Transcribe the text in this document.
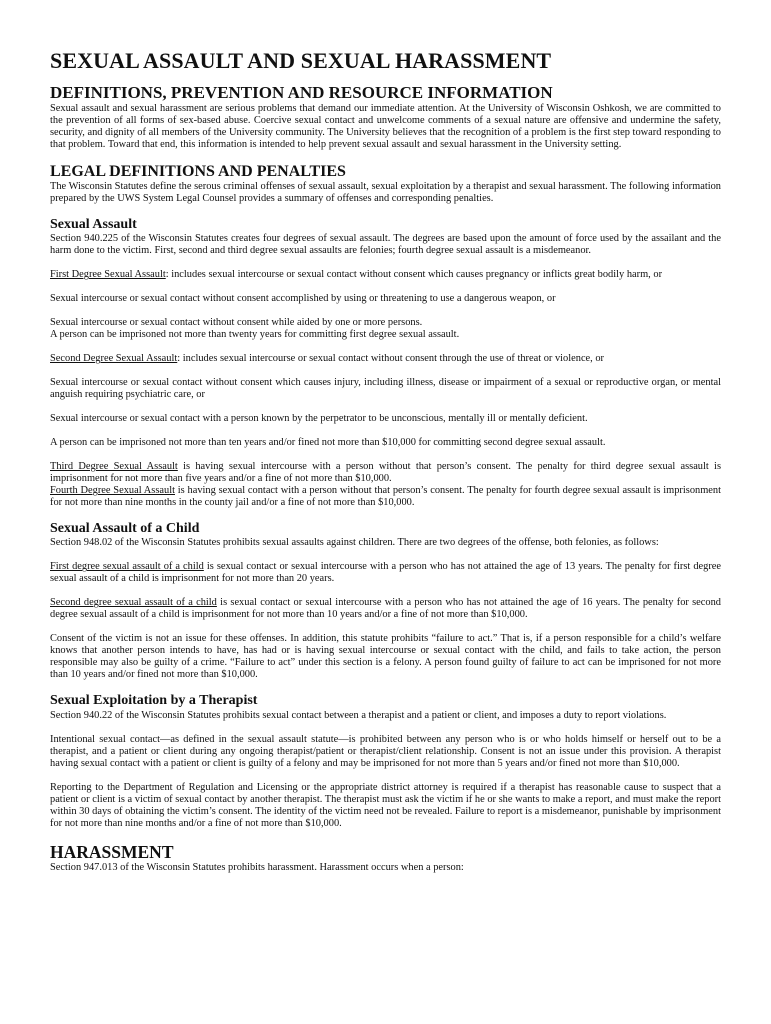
SEXUAL ASSAULT AND SEXUAL HARASSMENT
DEFINITIONS, PREVENTION AND RESOURCE INFORMATION

Sexual assault and sexual harassment are serious problems that demand our immediate attention. At the University of Wisconsin Oshkosh, we are committed to the prevention of all forms of sex-based abuse. Coercive sexual contact and unwelcome comments of a sexual nature are offensive and undermine the safety, security, and dignity of all members of the University community. The University believes that the recognition of a problem is the first step toward responding to that problem. Toward that end, this information is intended to help prevent sexual assault and sexual harassment in the University setting.

LEGAL DEFINITIONS AND PENALTIES

The Wisconsin Statutes define the serous criminal offenses of sexual assault, sexual exploitation by a therapist and sexual harassment. The following information prepared by the UWS System Legal Counsel provides a summary of offenses and corresponding penalties.

Sexual Assault

Section 940.225 of the Wisconsin Statutes creates four degrees of sexual assault. The degrees are based upon the amount of force used by the assailant and the harm done to the victim. First, second and third degree sexual assaults are felonies; fourth degree sexual assault is a misdemeanor.

First Degree Sexual Assault: includes sexual intercourse or sexual contact without consent which causes pregnancy or inflicts great bodily harm, or

Sexual intercourse or sexual contact without consent accomplished by using or threatening to use a dangerous weapon, or

Sexual intercourse or sexual contact without consent while aided by one or more persons.

A person can be imprisoned not more than twenty years for committing first degree sexual assault.

Second Degree Sexual Assault: includes sexual intercourse or sexual contact without consent through the use of threat or violence, or

Sexual intercourse or sexual contact without consent which causes injury, including illness, disease or impairment of a sexual or reproductive organ, or mental anguish requiring psychiatric care, or

Sexual intercourse or sexual contact with a person known by the perpetrator to be unconscious, mentally ill or mentally deficient.

A person can be imprisoned not more than ten years and/or fined not more than $10,000 for committing second degree sexual assault.

Third Degree Sexual Assault is having sexual intercourse with a person without that person’s consent. The penalty for third degree sexual assault is imprisonment for not more than five years and/or a fine of not more than $10,000.

Fourth Degree Sexual Assault is having sexual contact with a person without that person’s consent. The penalty for fourth degree sexual assault is imprisonment for not more than nine months in the county jail and/or a fine of not more than $10,000.

Sexual Assault of a Child

Section 948.02 of the Wisconsin Statutes prohibits sexual assaults against children. There are two degrees of the offense, both felonies, as follows:

First degree sexual assault of a child is sexual contact or sexual intercourse with a person who has not attained the age of 13 years. The penalty for first degree sexual assault of a child is imprisonment for not more than 20 years.

Second degree sexual assault of a child is sexual contact or sexual intercourse with a person who has not attained the age of 16 years. The penalty for second degree sexual assault of a child is imprisonment for not more than 10 years and/or a fine of not more than $10,000.

Consent of the victim is not an issue for these offenses. In addition, this statute prohibits “failure to act.” That is, if a person responsible for a child’s welfare knows that another person intends to have, has had or is having sexual intercourse or sexual contact with the child, and fails to take action, the person responsible may also be guilty of a crime. “Failure to act” under this section is a felony. A person found guilty of failure to act can be imprisoned for not more than 10 years and/or fined not more than $10,000.

Sexual Exploitation by a Therapist

Section 940.22 of the Wisconsin Statutes prohibits sexual contact between a therapist and a patient or client, and imposes a duty to report violations.

Intentional sexual contact—as defined in the sexual assault statute—is prohibited between any person who is or who holds himself or herself out to be a therapist, and a patient or client during any ongoing therapist/patient or therapist/client relationship. Consent is not an issue under this provision. A therapist having sexual contact with a patient or client is guilty of a felony and may be imprisoned for not more than 5 years and/or fined not more than $10,000.

Reporting to the Department of Regulation and Licensing or the appropriate district attorney is required if a therapist has reasonable cause to suspect that a patient or client is a victim of sexual contact by another therapist. The therapist must ask the victim if he or she wants to make a report, and must make the report within 30 days of obtaining the victim’s consent. The identity of the victim need not be revealed. Failure to report is a misdemeanor, punishable by imprisonment for not more than nine months and/or a fine of not more than $10,000.

HARASSMENT

Section 947.013 of the Wisconsin Statutes prohibits harassment. Harassment occurs when a person:
